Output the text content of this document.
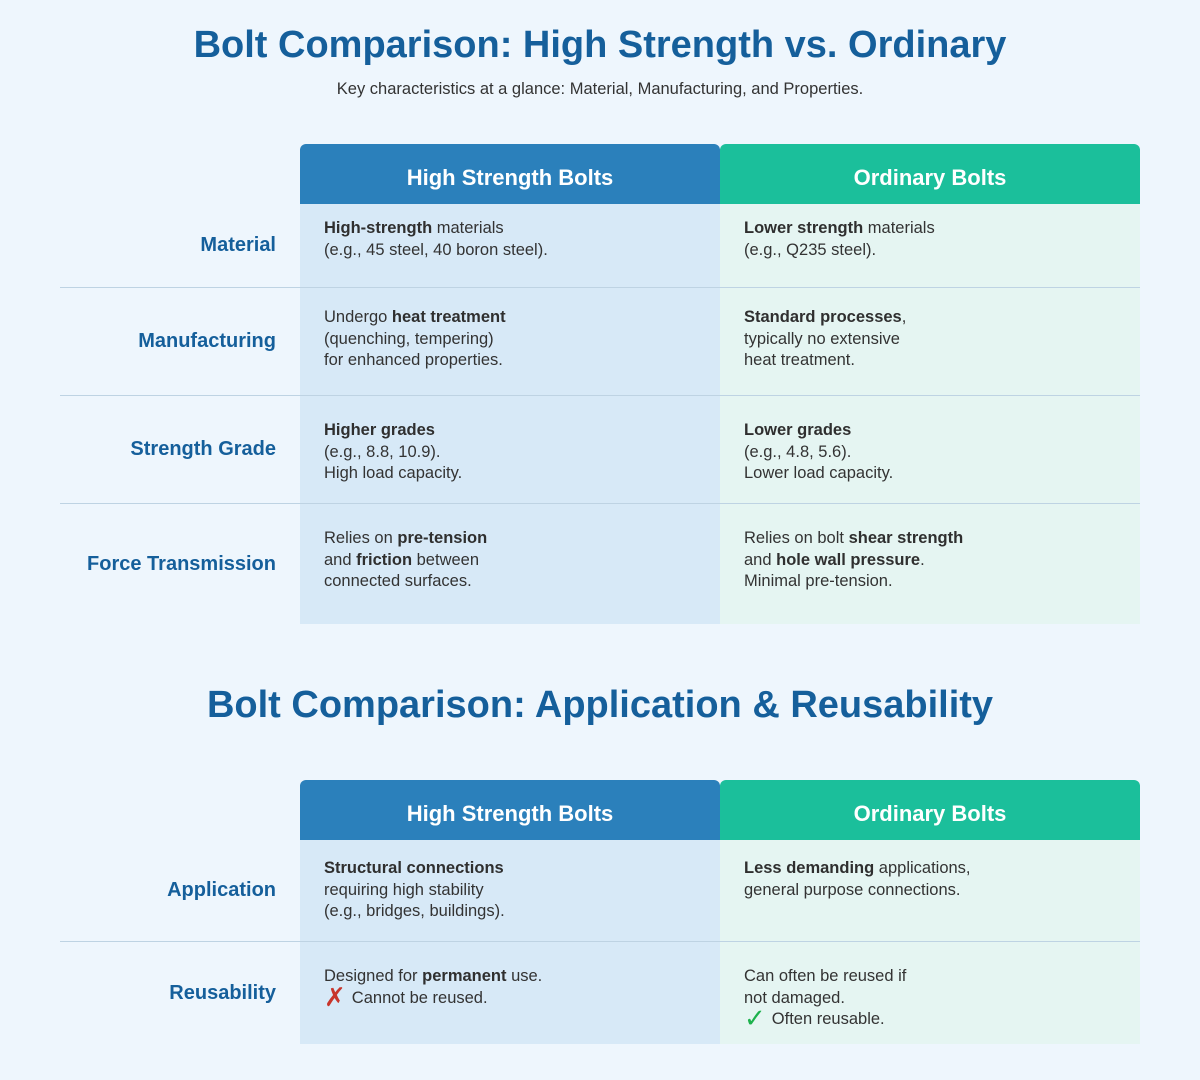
Bolt Comparison: High Strength vs. Ordinary

Key characteristics at a glance: Material, Manufacturing, and Properties.

High Strength Bolts	Ordinary Bolts
Material
High-strength materials
(e.g., 45 steel, 40 boron steel).
Lower strength materials
(e.g., Q235 steel).
Manufacturing
Undergo heat treatment
(quenching, tempering)
for enhanced properties.
Standard processes,
typically no extensive
heat treatment.
Strength Grade
Higher grades
(e.g., 8.8, 10.9).
High load capacity.
Lower grades
(e.g., 4.8, 5.6).
Lower load capacity.
Force Transmission
Relies on pre-tension
and friction between
connected surfaces.
Relies on bolt shear strength
and hole wall pressure.
Minimal pre-tension.
Bolt Comparison: Application & Reusability
High Strength Bolts	Ordinary Bolts
Application
Structural connections
requiring high stability
(e.g., bridges, buildings).
Less demanding applications,
general purpose connections.
Reusability
Designed for permanent use.
✗ Cannot be reused.
Can often be reused if
not damaged.
✓ Often reusable.
